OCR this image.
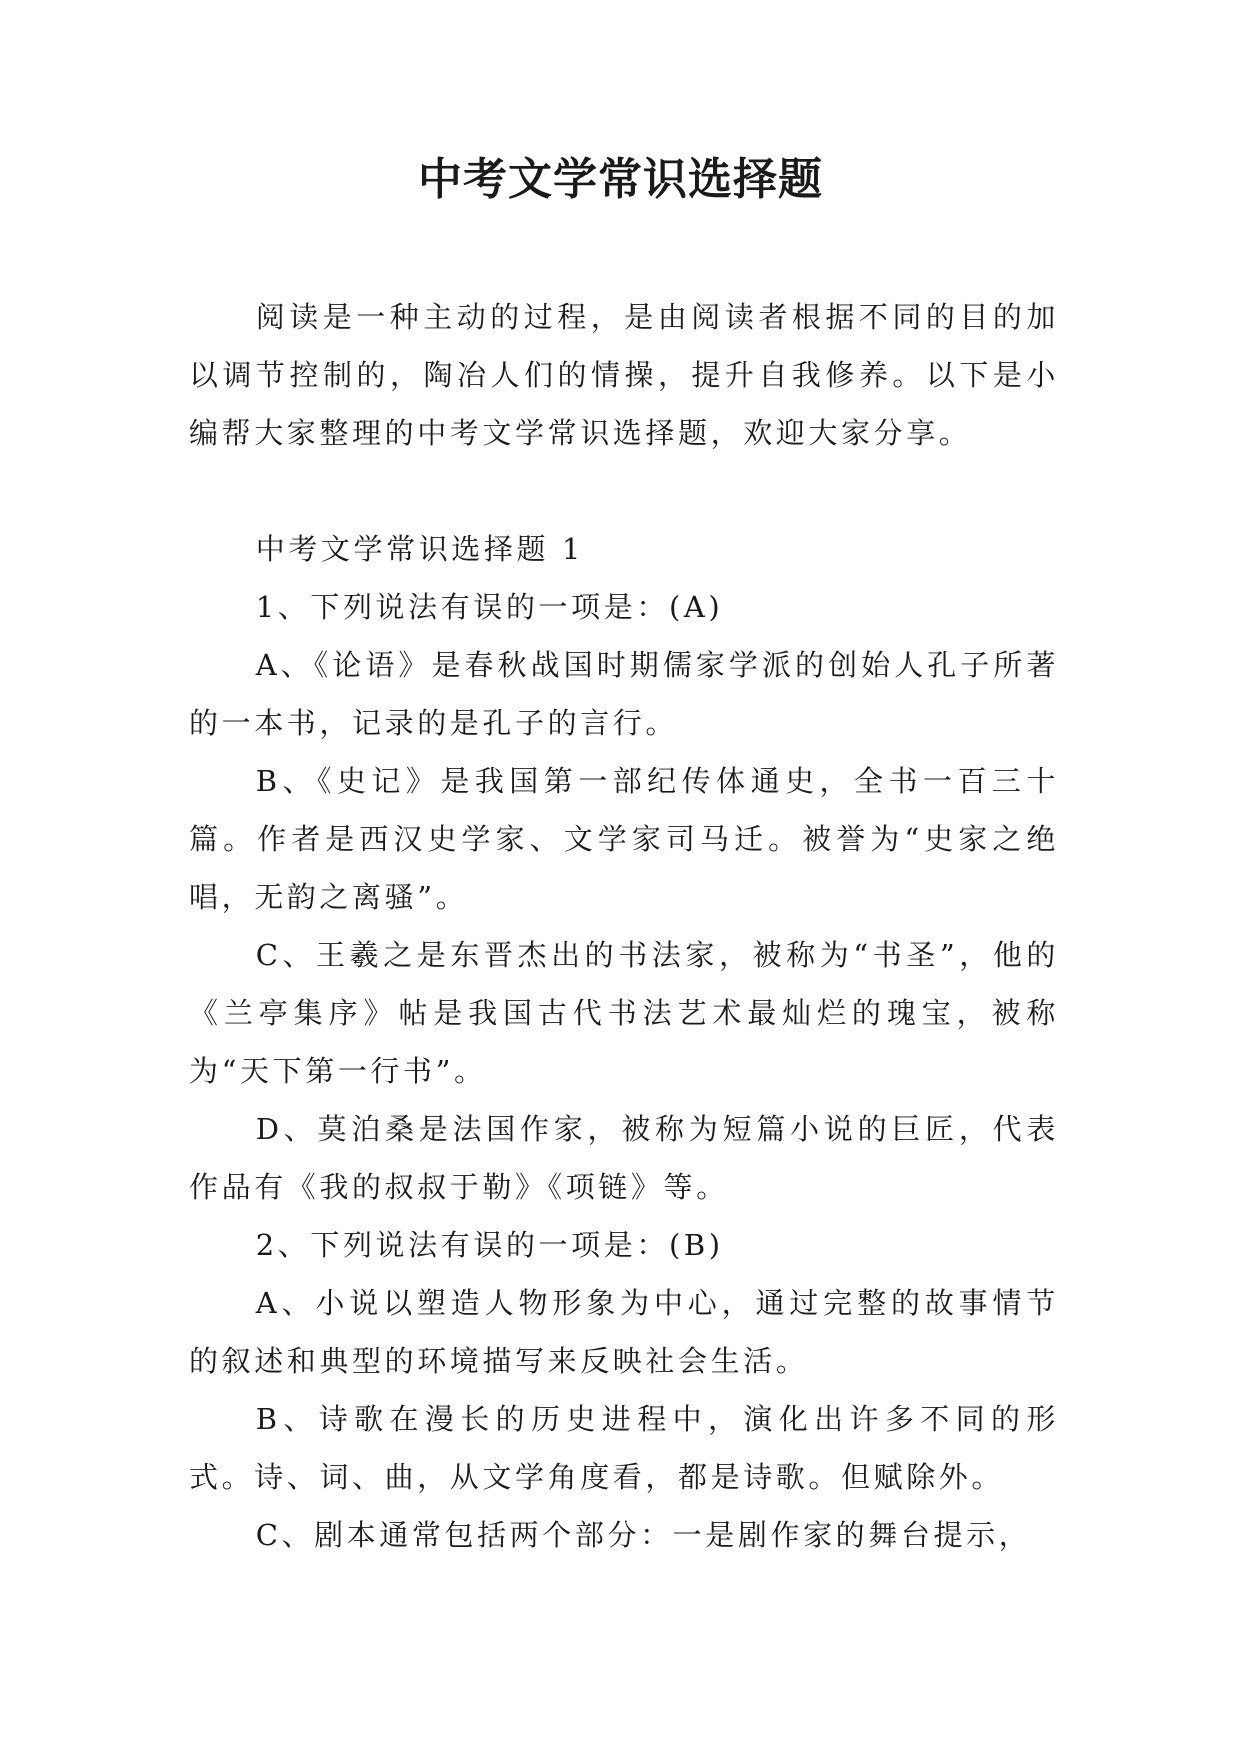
中考文学常识选择题

阅读是一种主动的过程，是由阅读者根据不同的目的加以调节控制的，陶冶人们的情操，提升自我修养。以下是小编帮大家整理的中考文学常识选择题，欢迎大家分享。

中考文学常识选择题 1

1、下列说法有误的一项是：(A)

A、《论语》是春秋战国时期儒家学派的创始人孔子所著的一本书，记录的是孔子的言行。

B、《史记》是我国第一部纪传体通史，全书一百三十篇。作者是西汉史学家、文学家司马迁。被誉为“史家之绝唱，无韵之离骚”。

C、王羲之是东晋杰出的书法家，被称为“书圣”，他的《兰亭集序》帖是我国古代书法艺术最灿烂的瑰宝，被称为“天下第一行书”。

D、莫泊桑是法国作家，被称为短篇小说的巨匠，代表作品有《我的叔叔于勒》《项链》等。

2、下列说法有误的一项是：(B)

A、小说以塑造人物形象为中心，通过完整的故事情节的叙述和典型的环境描写来反映社会生活。

B、诗歌在漫长的历史进程中，演化出许多不同的形式。诗、词、曲，从文学角度看，都是诗歌。但赋除外。

C、剧本通常包括两个部分：一是剧作家的舞台提示，
